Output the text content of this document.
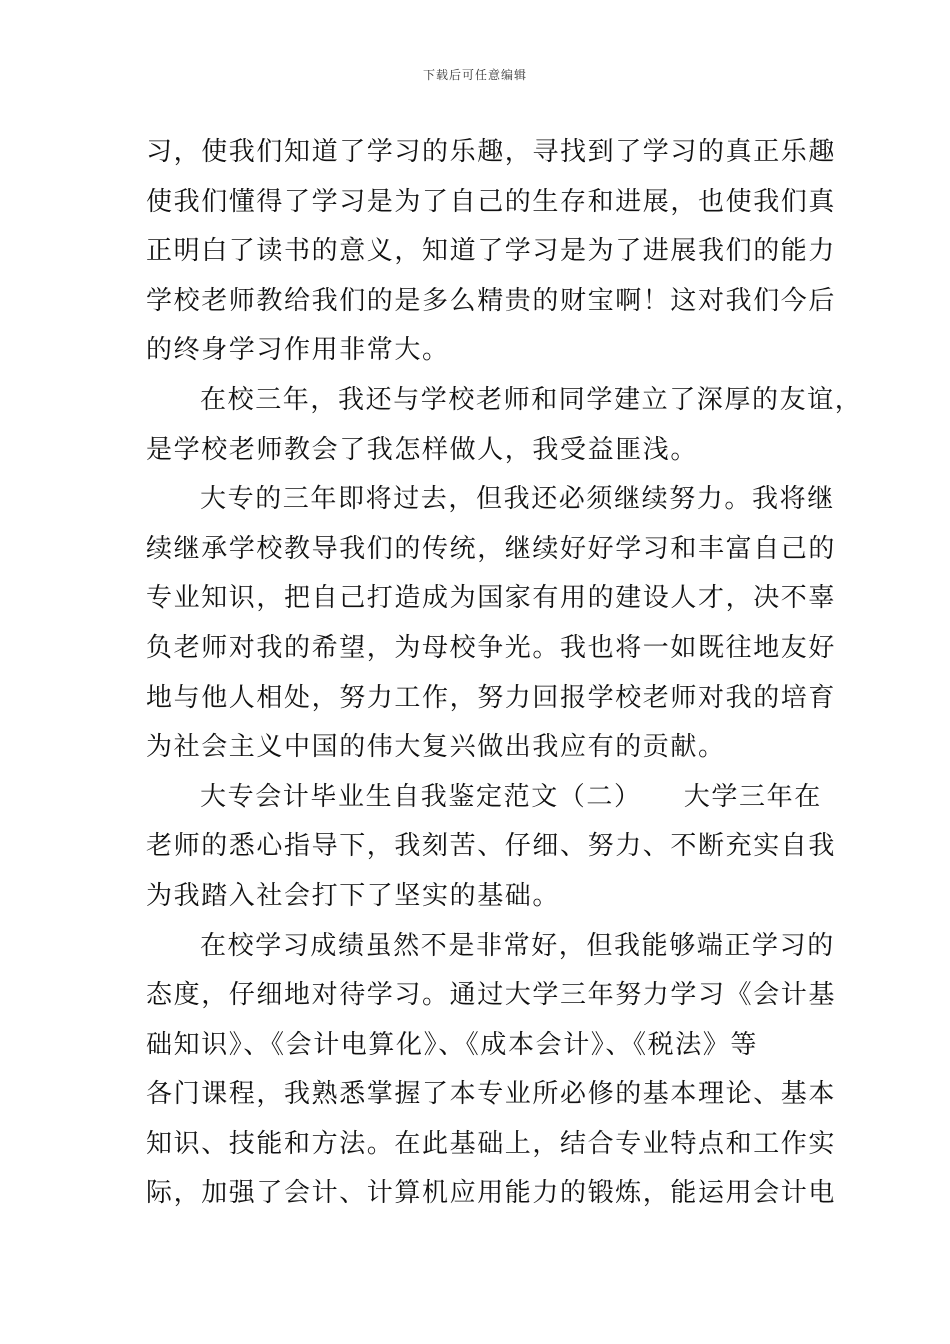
下载后可任意编辑
习，使我们知道了学习的乐趣，寻找到了学习的真正乐趣
使我们懂得了学习是为了自己的生存和进展，也使我们真
正明白了读书的意义，知道了学习是为了进展我们的能力
学校老师教给我们的是多么精贵的财宝啊！这对我们今后
的终身学习作用非常大。
在校三年，我还与学校老师和同学建立了深厚的友谊，
是学校老师教会了我怎样做人，我受益匪浅。
大专的三年即将过去，但我还必须继续努力。我将继
续继承学校教导我们的传统，继续好好学习和丰富自己的
专业知识，把自己打造成为国家有用的建设人才，决不辜
负老师对我的希望，为母校争光。我也将一如既往地友好
地与他人相处，努力工作，努力回报学校老师对我的培育
为社会主义中国的伟大复兴做出我应有的贡献。
大专会计毕业生自我鉴定范文（二）　　大学三年在
老师的悉心指导下，我刻苦、仔细、努力、不断充实自我
为我踏入社会打下了坚实的基础。
在校学习成绩虽然不是非常好，但我能够端正学习的
态度，仔细地对待学习。通过大学三年努力学习《会计基
础知识》、《会计电算化》、《成本会计》、《税法》等
各门课程，我熟悉掌握了本专业所必修的基本理论、基本
知识、技能和方法。在此基础上，结合专业特点和工作实
际，加强了会计、计算机应用能力的锻炼，能运用会计电
